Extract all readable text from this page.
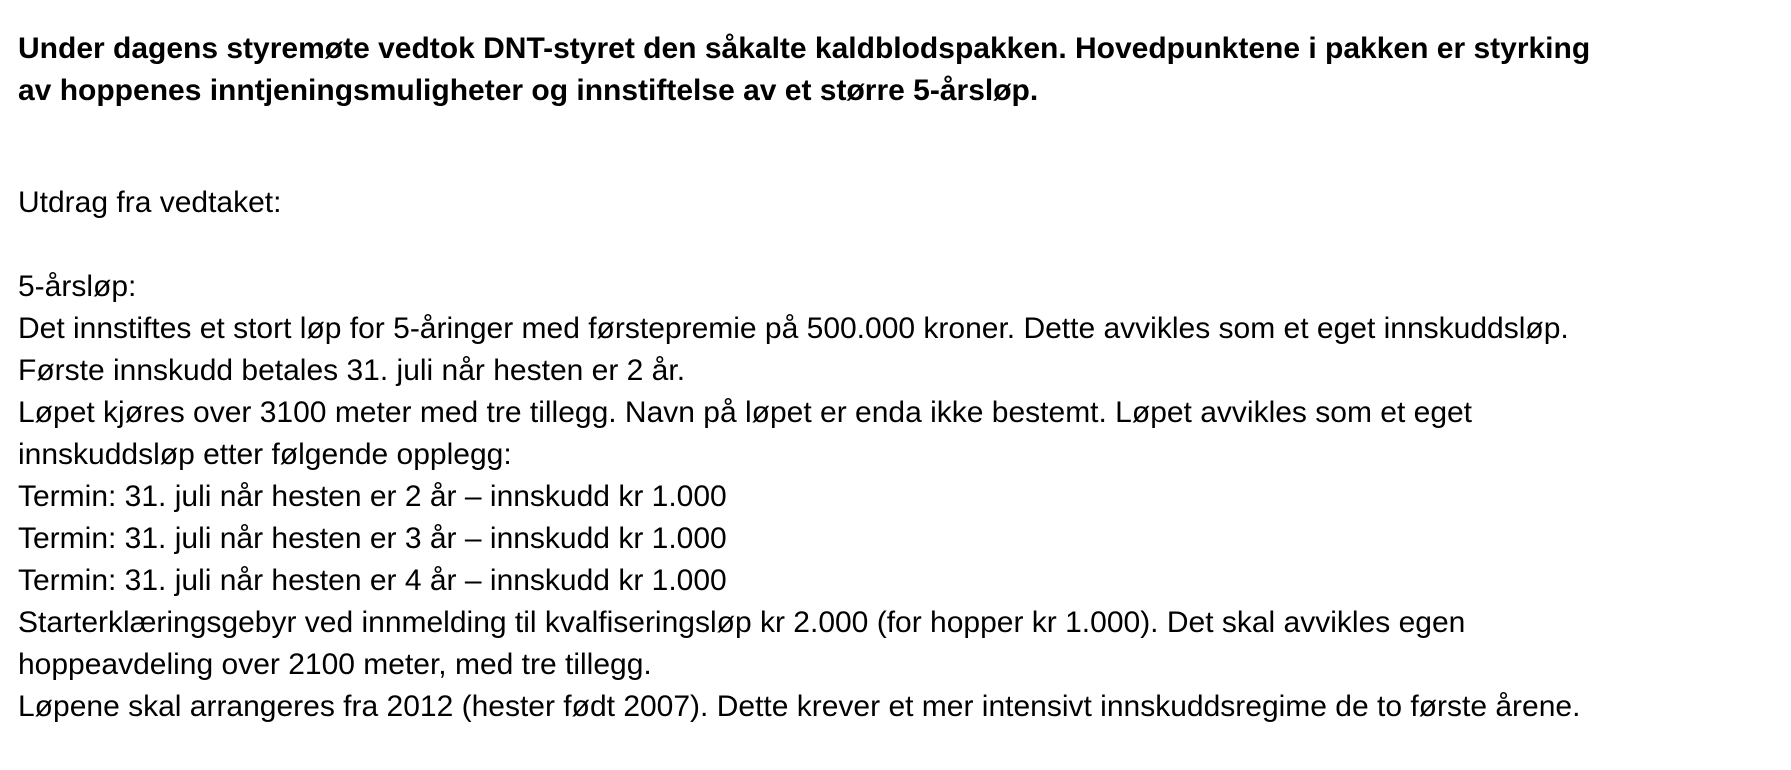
Under dagens styremøte vedtok DNT-styret den såkalte kaldblodspakken. Hovedpunktene i pakken er styrking

av hoppenes inntjeningsmuligheter og innstiftelse av et større 5-årsløp.

Utdrag fra vedtaket:

5-årsløp:

Det innstiftes et stort løp for 5-åringer med førstepremie på 500.000 kroner. Dette avvikles som et eget innskuddsløp.

Første innskudd betales 31. juli når hesten er 2 år.

Løpet kjøres over 3100 meter med tre tillegg. Navn på løpet er enda ikke bestemt. Løpet avvikles som et eget

innskuddsløp etter følgende opplegg:

Termin: 31. juli når hesten er 2 år – innskudd kr 1.000

Termin: 31. juli når hesten er 3 år – innskudd kr 1.000

Termin: 31. juli når hesten er 4 år – innskudd kr 1.000

Starterklæringsgebyr ved innmelding til kvalfiseringsløp kr 2.000 (for hopper kr 1.000). Det skal avvikles egen

hoppeavdeling over 2100 meter, med tre tillegg.

Løpene skal arrangeres fra 2012 (hester født 2007). Dette krever et mer intensivt innskuddsregime de to første årene.
